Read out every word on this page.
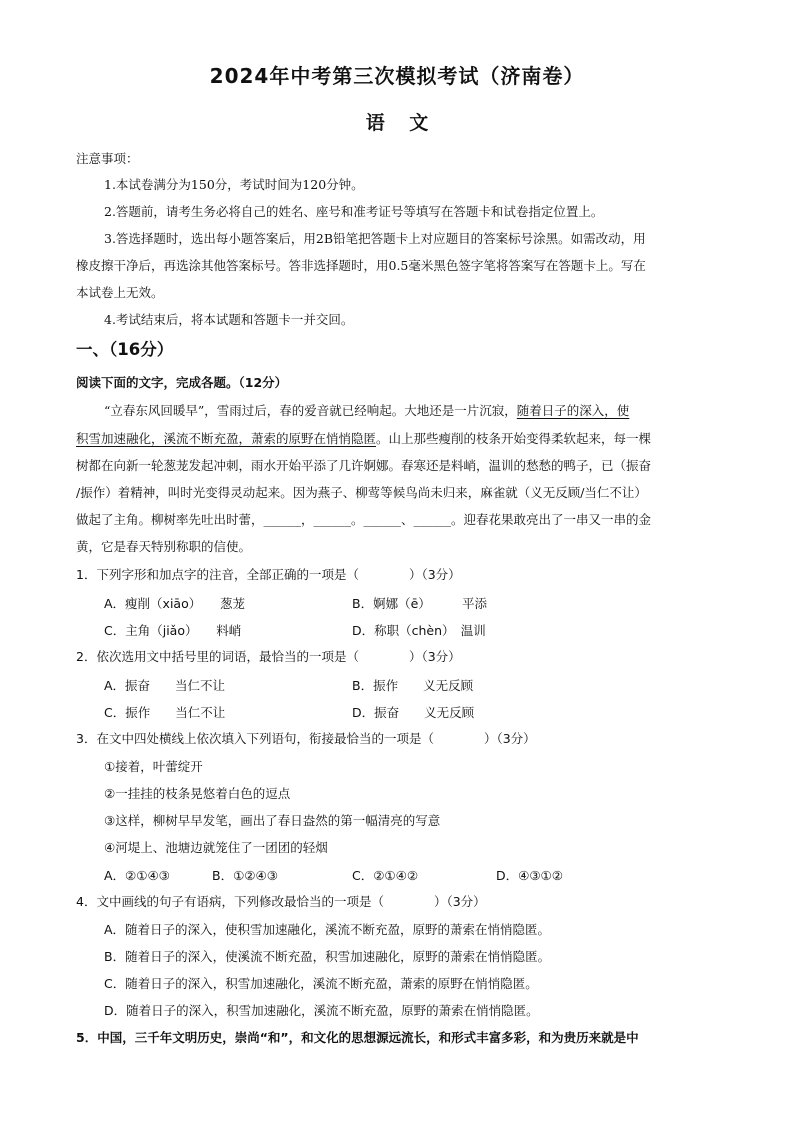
2024年中考第三次模拟考试（济南卷）
语 文
注意事项：
1.本试卷满分为150分，考试时间为120分钟。
2.答题前，请考生务必将自己的姓名、座号和准考证号等填写在答题卡和试卷指定位置上。
3.答选择题时，选出每小题答案后，用2B铅笔把答题卡上对应题目的答案标号涂黑。如需改动，用
橡皮擦干净后，再选涂其他答案标号。答非选择题时，用0.5毫米黑色签字笔将答案写在答题卡上。写在
本试卷上无效。
4.考试结束后，将本试题和答题卡一并交回。
一、（16分）
阅读下面的文字，完成各题。（12分）
“立春东风回暖早”，雪雨过后，春的爱音就已经响起。大地还是一片沉寂，随着日子的深入，使
积雪加速融化，溪流不断充盈，萧索的原野在悄悄隐匿。山上那些瘦削的枝条开始变得柔软起来，每一棵
树都在向新一轮葱茏发起冲刺，雨水开始平添了几许婀娜。春寒还是料峭，温训的愁愁的鸭子，已（振奋
/振作）着精神，叫时光变得灵动起来。因为燕子、柳莺等候鸟尚未归来，麻雀就（义无反顾/当仁不让）
做起了主角。柳树率先吐出时蕾，______，______。______、______。迎春花果敢亮出了一串又一串的金
黄，它是春天特别称职的信使。
1．下列字形和加点字的注音，全部正确的一项是（　　　　）（3分）
A．瘦削（xiāo）　　葱茏	B．婀娜（ē）　　　平添
C．主角（jiǎo）　　料峭	D．称职（chèn）　温训
2．依次选用文中括号里的词语，最恰当的一项是（　　　　）（3分）
A．振奋　　当仁不让	B．振作　　义无反顾
C．振作　　当仁不让	D．振奋　　义无反顾
3．在文中四处横线上依次填入下列语句，衔接最恰当的一项是（　　　　）（3分）
①接着，叶蕾绽开
②一挂挂的枝条晃悠着白色的逗点
③这样，柳树早早发笔，画出了春日盎然的第一幅清亮的写意
④河堤上、池塘边就笼住了一团团的轻烟
A．②①④③	B．①②④③	C．②①④②	D．④③①②
4．文中画线的句子有语病，下列修改最恰当的一项是（　　　　）（3分）
A．随着日子的深入，使积雪加速融化，溪流不断充盈，原野的萧索在悄悄隐匿。
B．随着日子的深入，使溪流不断充盈，积雪加速融化，原野的萧索在悄悄隐匿。
C．随着日子的深入，积雪加速融化，溪流不断充盈，萧索的原野在悄悄隐匿。
D．随着日子的深入，积雪加速融化，溪流不断充盈，原野的萧索在悄悄隐匿。
5．中国，三千年文明历史，崇尚“和”，和文化的思想源远流长，和形式丰富多彩，和为贵历来就是中
